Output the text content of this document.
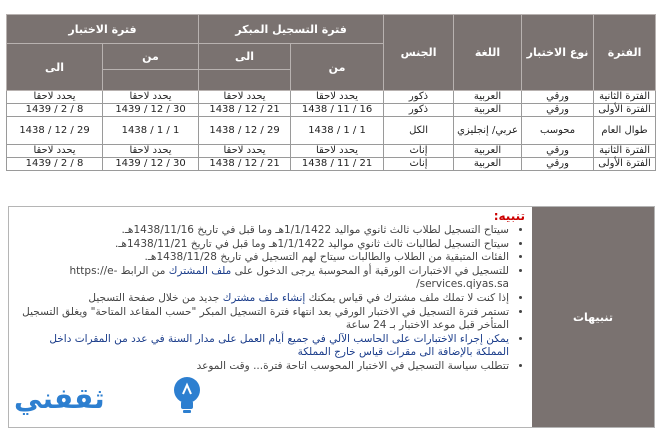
الفترة	نوع الاختبار	اللغة	الجنس	فترة التسجيل المبكر		فترة الاختبار	
				من	الى	من	الى

الفترة الثانية	ورقي	العربية	ذكور	يحدد لاحقا	يحدد لاحقا	يحدد لاحقا	يحدد لاحقا
الفترة الأولى	ورقي	العربية	ذكور	16 / 11 / 1438	21 / 12 / 1438	30 / 12 / 1439	8 / 2 / 1439
طوال العام	محوسب	عربي/ إنجليزي	الكل	1 / 1 / 1438	29 / 12 / 1438	1 / 1 / 1438	29 / 12 / 1438
الفترة الثانية	ورقي	العربية	إناث	يحدد لاحقا	يحدد لاحقا	يحدد لاحقا	يحدد لاحقا
الفترة الأولى	ورقي	العربية	إناث	21 / 11 / 1438	21 / 12 / 1438	30 / 12 / 1439	8 / 2 / 1439
تنبيهات
تنبيه:
• سيتاح التسجيل لطلاب ثالث ثانوي مواليد 1/1/1422هـ وما قبل في تاريخ 1438/11/16هـ.
• سيتاح التسجيل لطالبات ثالث ثانوي مواليد 1/1/1422هـ وما قبل في تاريخ 1438/11/21هـ.
• الفئات المتبقية من الطلاب والطالبات سيتاح لهم التسجيل في تاريخ 1438/11/28هـ.
• للتسجيل في الاختبارات الورقية أو المحوسبة يرجى الدخول على ملف المشترك من الرابط https://e-services.qiyas.sa/
• إذا كنت لا تملك ملف مشترك في قياس يمكنك إنشاء ملف مشترك جديد من خلال صفحة التسجيل
• تستمر فترة التسجيل في الاختبار الورقي بعد انتهاء فترة التسجيل المبكر "حسب المقاعد المتاحة" ويغلق التسجيل المتأخر قبل موعد الاختبار بـ 24 ساعة
• يمكن إجراء الاختبارات على الحاسب الآلي في جميع أيام العمل على مدار السنة في عدد من المقرات داخل المملكة بالإضافة الى مقرات قياس خارج المملكة
• تتطلب سياسة التسجيل في الاختبار المحوسب اتاحة فترة... وقت الموعد
ثقفني
